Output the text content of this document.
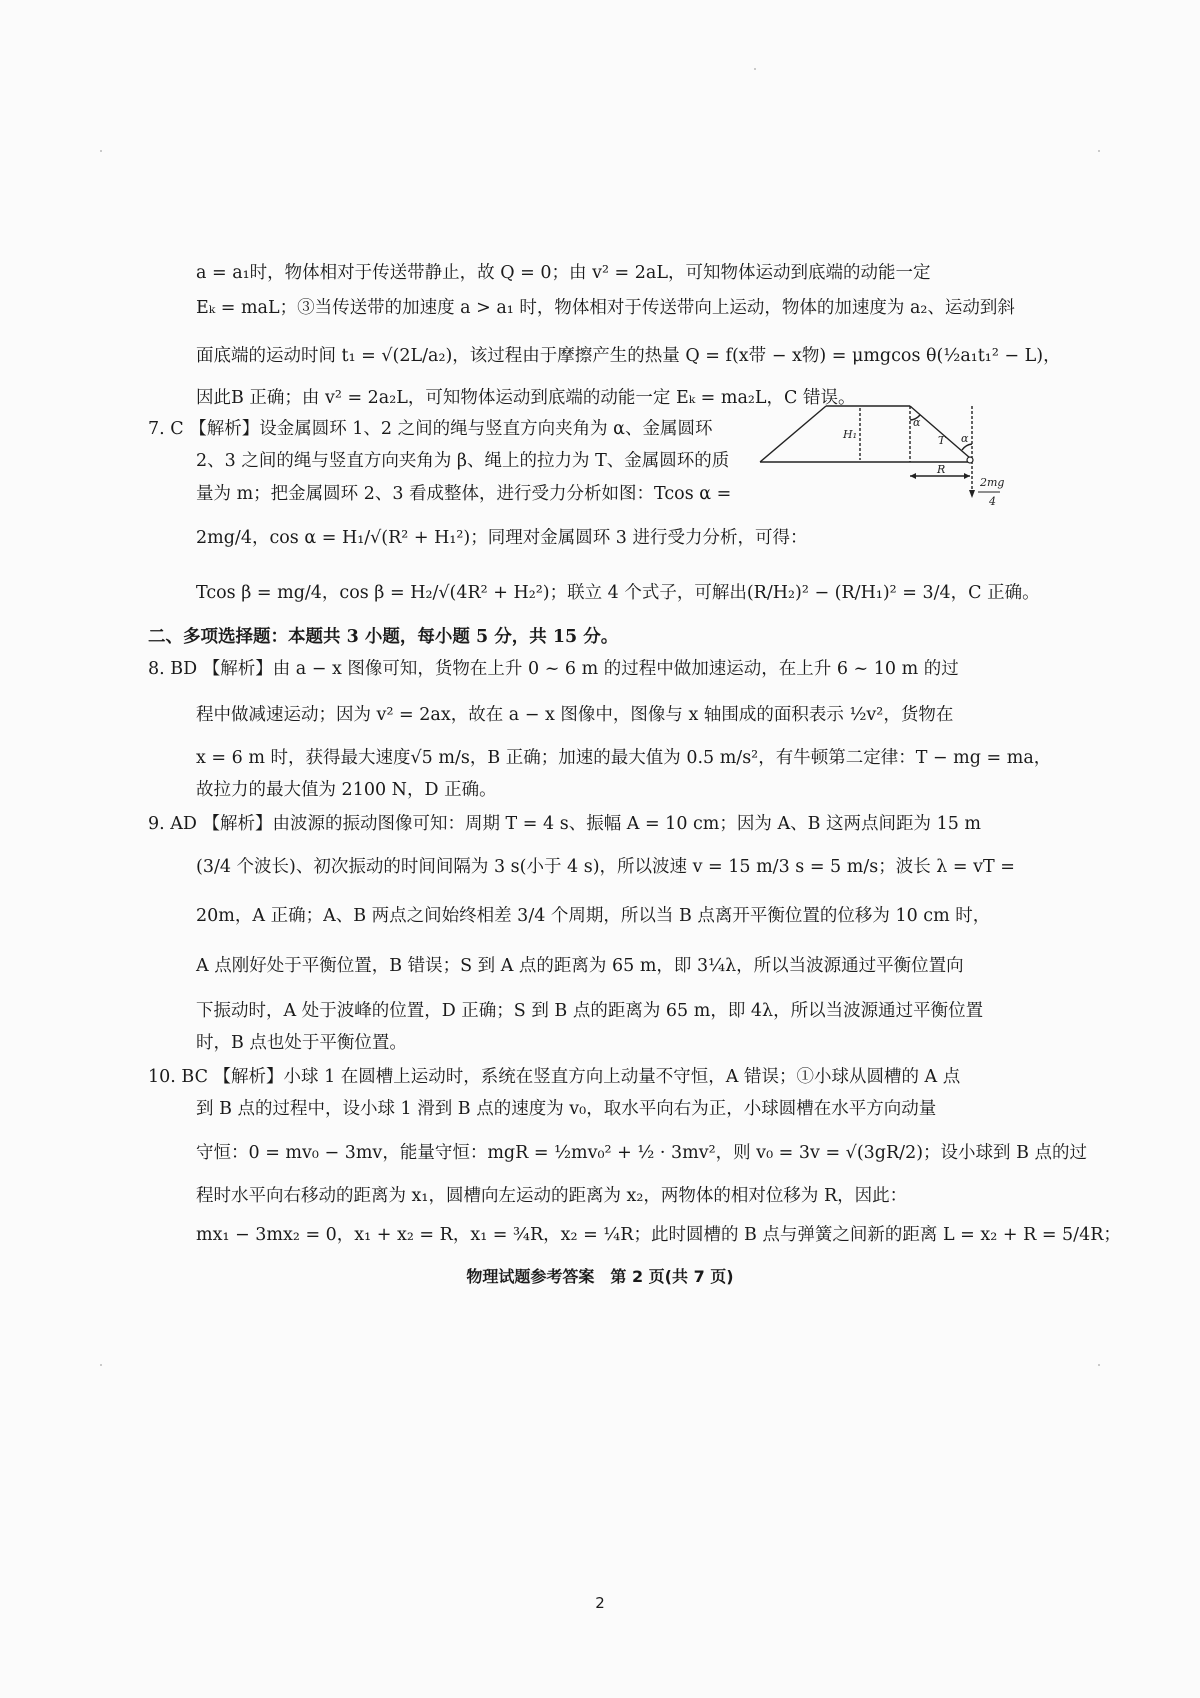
a = a₁时，物体相对于传送带静止，故 Q = 0；由 v² = 2aL，可知物体运动到底端的动能一定
Eₖ = maL；③当传送带的加速度 a > a₁ 时，物体相对于传送带向上运动，物体的加速度为 a₂、运动到斜
面底端的运动时间 t₁ = √(2L/a₂)，该过程由于摩擦产生的热量 Q = f(x带 − x物) = μmgcos θ(½a₁t₁² − L)，
因此B 正确；由 v² = 2a₂L，可知物体运动到底端的动能一定 Eₖ = ma₂L，C 错误。
7. C 【解析】设金属圆环 1、2 之间的绳与竖直方向夹角为 α、金属圆环
2、3 之间的绳与竖直方向夹角为 β、绳上的拉力为 T、金属圆环的质
量为 m；把金属圆环 2、3 看成整体，进行受力分析如图：Tcos α =
2mg/4，cos α = H₁/√(R² + H₁²)；同理对金属圆环 3 进行受力分析，可得：
Tcos β = mg/4，cos β = H₂/√(4R² + H₂²)；联立 4 个式子，可解出(R/H₂)² − (R/H₁)² = 3/4，C 正确。
二、多项选择题：本题共 3 小题，每小题 5 分，共 15 分。
8. BD 【解析】由 a − x 图像可知，货物在上升 0 ~ 6 m 的过程中做加速运动，在上升 6 ~ 10 m 的过
程中做减速运动；因为 v² = 2ax，故在 a − x 图像中，图像与 x 轴围成的面积表示 ½v²，货物在
x = 6 m 时，获得最大速度√5 m/s，B 正确；加速的最大值为 0.5 m/s²，有牛顿第二定律：T − mg = ma，
故拉力的最大值为 2100 N，D 正确。
9. AD 【解析】由波源的振动图像可知：周期 T = 4 s、振幅 A = 10 cm；因为 A、B 这两点间距为 15 m
(3/4 个波长)、初次振动的时间间隔为 3 s(小于 4 s)，所以波速 v = 15 m/3 s = 5 m/s；波长 λ = vT =
20m，A 正确；A、B 两点之间始终相差 3/4 个周期，所以当 B 点离开平衡位置的位移为 10 cm 时，
A 点刚好处于平衡位置，B 错误；S 到 A 点的距离为 65 m，即 3¼λ，所以当波源通过平衡位置向
下振动时，A 处于波峰的位置，D 正确；S 到 B 点的距离为 65 m，即 4λ，所以当波源通过平衡位置
时，B 点也处于平衡位置。
10. BC 【解析】小球 1 在圆槽上运动时，系统在竖直方向上动量不守恒，A 错误；①小球从圆槽的 A 点
到 B 点的过程中，设小球 1 滑到 B 点的速度为 v₀，取水平向右为正，小球圆槽在水平方向动量
守恒：0 = mv₀ − 3mv，能量守恒：mgR = ½mv₀² + ½ · 3mv²，则 v₀ = 3v = √(3gR/2)；设小球到 B 点的过
程时水平向右移动的距离为 x₁，圆槽向左运动的距离为 x₂，两物体的相对位移为 R，因此：
mx₁ − 3mx₂ = 0，x₁ + x₂ = R，x₁ = ¾R，x₂ = ¼R；此时圆槽的 B 点与弹簧之间新的距离 L = x₂ + R = 5/4R；
H₁
α
α
T
R
2mg
4
物理试题参考答案　第 2 页(共 7 页)
2
